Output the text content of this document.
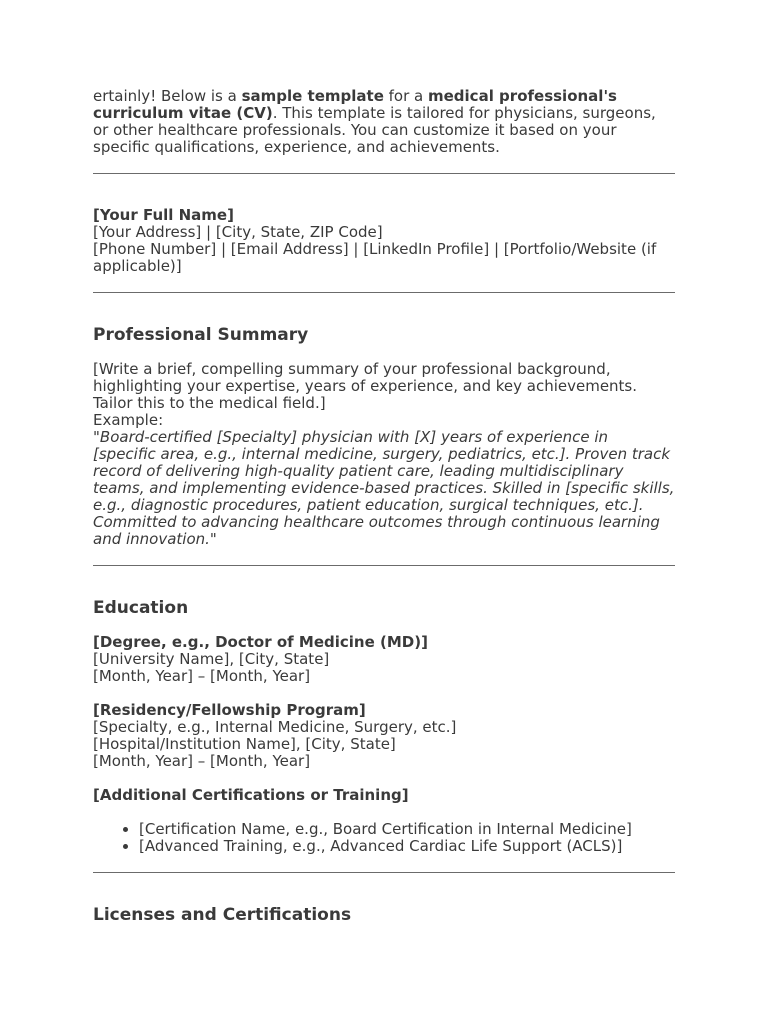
ertainly! Below is a sample template for a medical professional's curriculum vitae (CV). This template is tailored for physicians, surgeons, or other healthcare professionals. You can customize it based on your specific qualifications, experience, and achievements.

[Your Full Name]

[Your Address] | [City, State, ZIP Code]

[Phone Number] | [Email Address] | [LinkedIn Profile] | [Portfolio/Website (if applicable)]

Professional Summary

[Write a brief, compelling summary of your professional background, highlighting your expertise, years of experience, and key achievements. Tailor this to the medical field.]

Example:

"Board-certified [Specialty] physician with [X] years of experience in [specific area, e.g., internal medicine, surgery, pediatrics, etc.]. Proven track record of delivering high-quality patient care, leading multidisciplinary teams, and implementing evidence-based practices. Skilled in [specific skills, e.g., diagnostic procedures, patient education, surgical techniques, etc.]. Committed to advancing healthcare outcomes through continuous learning and innovation."

Education

[Degree, e.g., Doctor of Medicine (MD)]

[University Name], [City, State]

[Month, Year] – [Month, Year]

[Residency/Fellowship Program]

[Specialty, e.g., Internal Medicine, Surgery, etc.]

[Hospital/Institution Name], [City, State]

[Month, Year] – [Month, Year]

[Additional Certifications or Training]

• [Certification Name, e.g., Board Certification in Internal Medicine]
• [Advanced Training, e.g., Advanced Cardiac Life Support (ACLS)]
Licenses and Certifications
